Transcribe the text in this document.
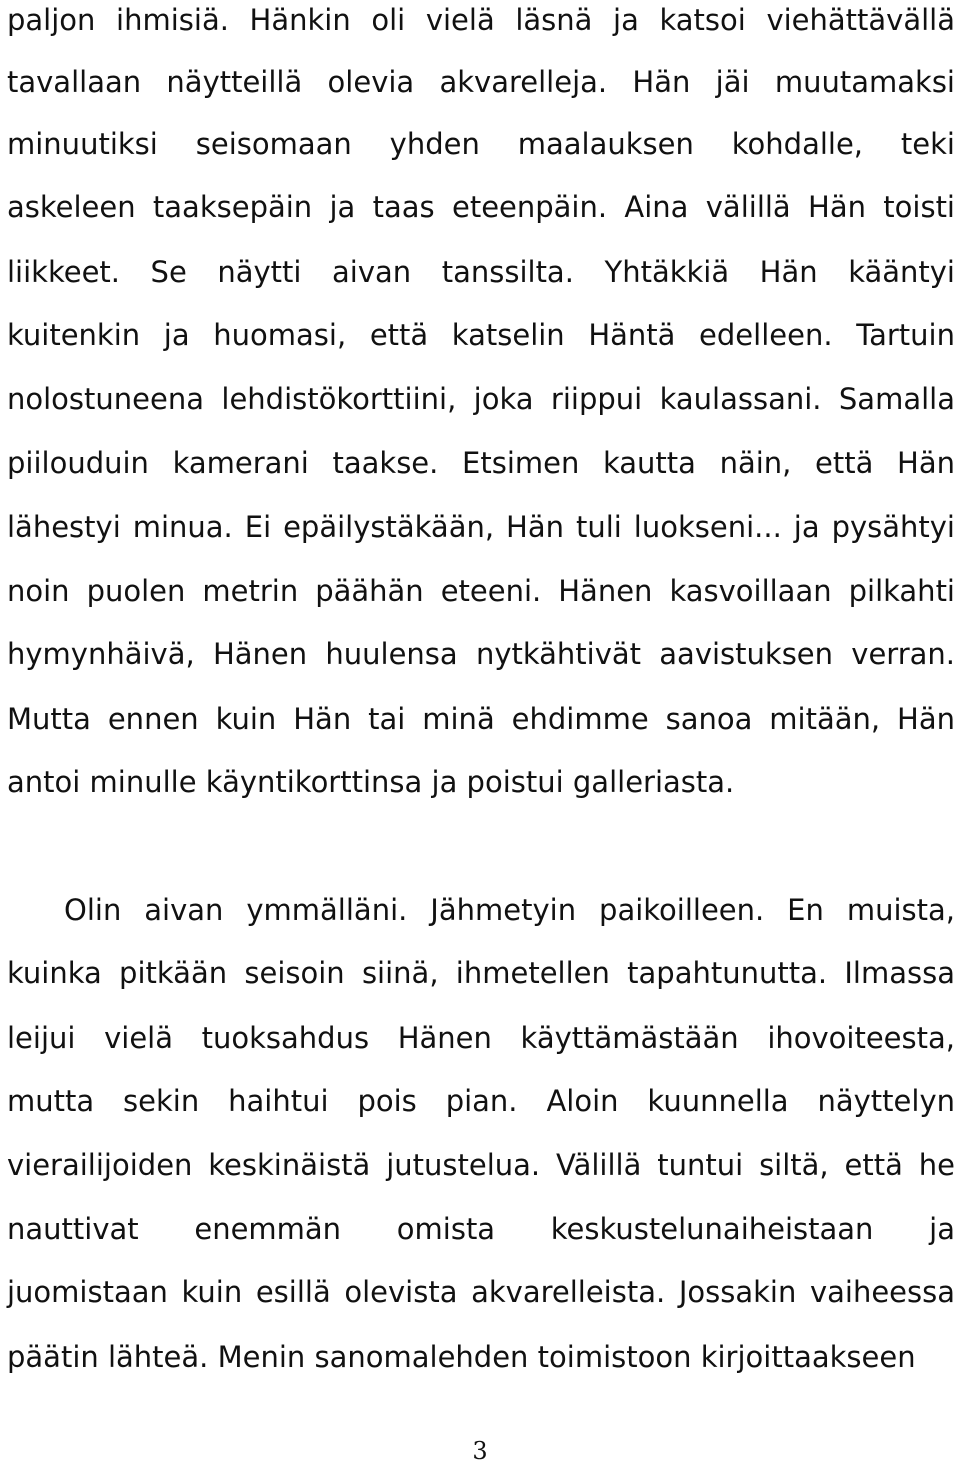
paljon ihmisiä. Hänkin oli vielä läsnä ja katsoi viehättävällä
tavallaan näytteillä olevia akvarelleja. Hän jäi muutamaksi
minuutiksi seisomaan yhden maalauksen kohdalle, teki
askeleen taaksepäin ja taas eteenpäin. Aina välillä Hän toisti
liikkeet. Se näytti aivan tanssilta. Yhtäkkiä Hän kääntyi
kuitenkin ja huomasi, että katselin Häntä edelleen. Tartuin
nolostuneena lehdistökorttiini, joka riippui kaulassani. Samalla
piilouduin kamerani taakse. Etsimen kautta näin, että Hän
lähestyi minua. Ei epäilystäkään, Hän tuli luokseni... ja pysähtyi
noin puolen metrin päähän eteeni. Hänen kasvoillaan pilkahti
hymynhäivä, Hänen huulensa nytkähtivät aavistuksen verran.
Mutta ennen kuin Hän tai minä ehdimme sanoa mitään, Hän
antoi minulle käyntikorttinsa ja poistui galleriasta.
Olin aivan ymmälläni. Jähmetyin paikoilleen. En muista,
kuinka pitkään seisoin siinä, ihmetellen tapahtunutta. Ilmassa
leijui vielä tuoksahdus Hänen käyttämästään ihovoiteesta,
mutta sekin haihtui pois pian. Aloin kuunnella näyttelyn
vierailijoiden keskinäistä jutustelua. Välillä tuntui siltä, että he
nauttivat enemmän omista keskustelunaiheistaan ja
juomistaan kuin esillä olevista akvarelleista. Jossakin vaiheessa
päätin lähteä. Menin sanomalehden toimistoon kirjoittaakseen
3
